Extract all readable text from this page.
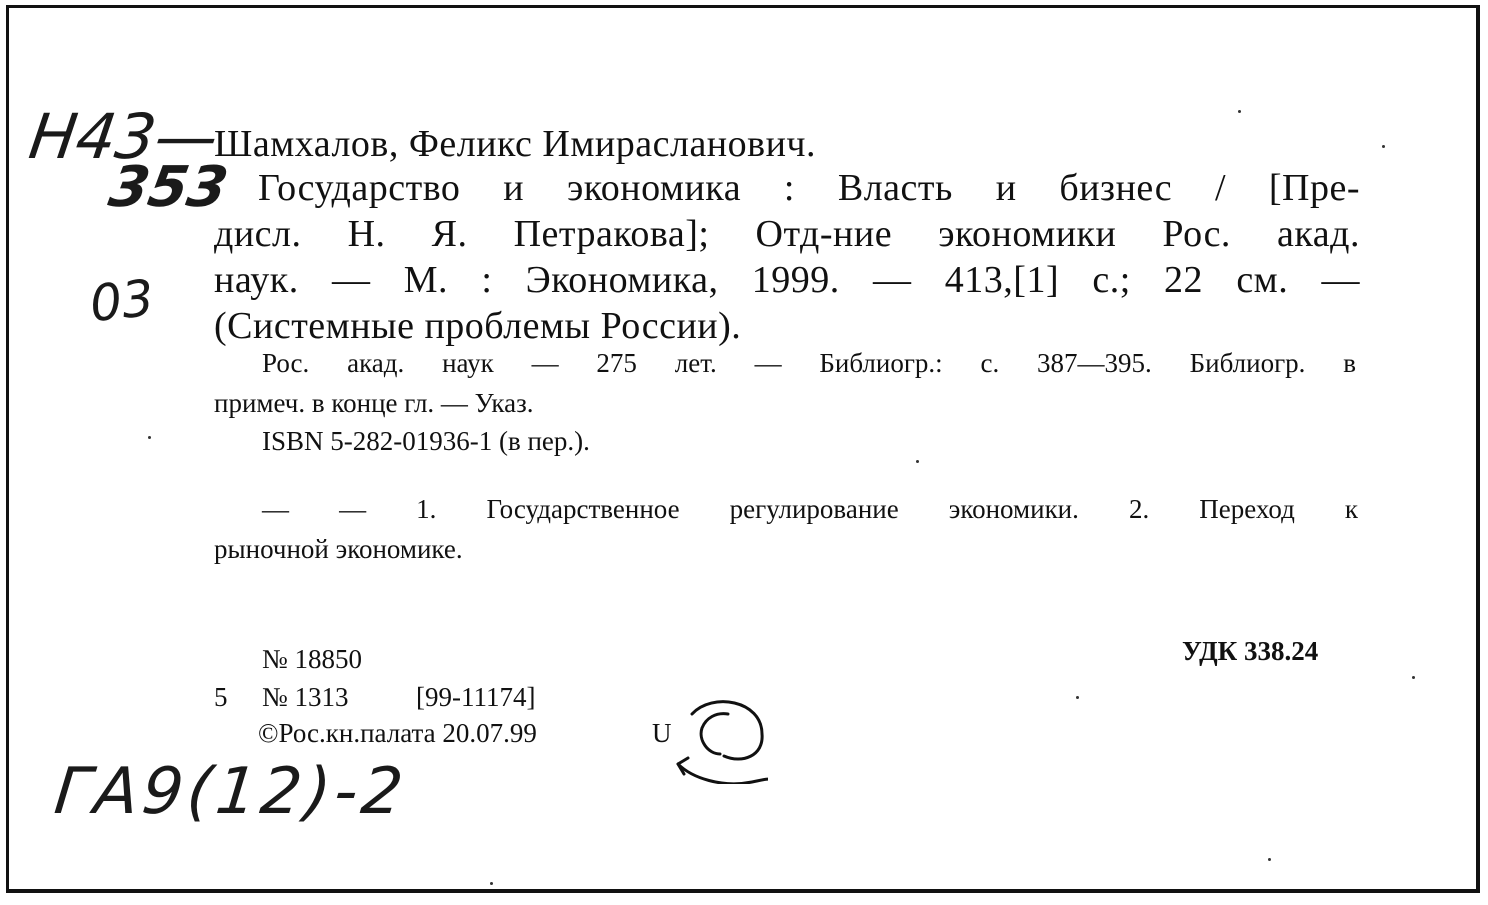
Н43—
353
03
ГА9(12)-2
Шамхалов, Феликс Имирасланович.
Государство и экономика : Власть и бизнес / [Пре-
дисл. Н. Я. Петракова]; Отд-ние экономики Рос. акад.
наук. — М. : Экономика, 1999. — 413,[1] с.; 22 см. —
(Системные проблемы России).
Рос. акад. наук — 275 лет. — Библиогр.: с. 387—395. Библиогр. в
примеч. в конце гл. — Указ.
ISBN 5-282-01936-1 (в пер.).
— — 1. Государственное регулирование экономики. 2. Переход к
рыночной экономике.
№ 18850	УДК 338.24
5 № 1313 [99-11174]
©Рос.кн.палата 20.07.99	U
